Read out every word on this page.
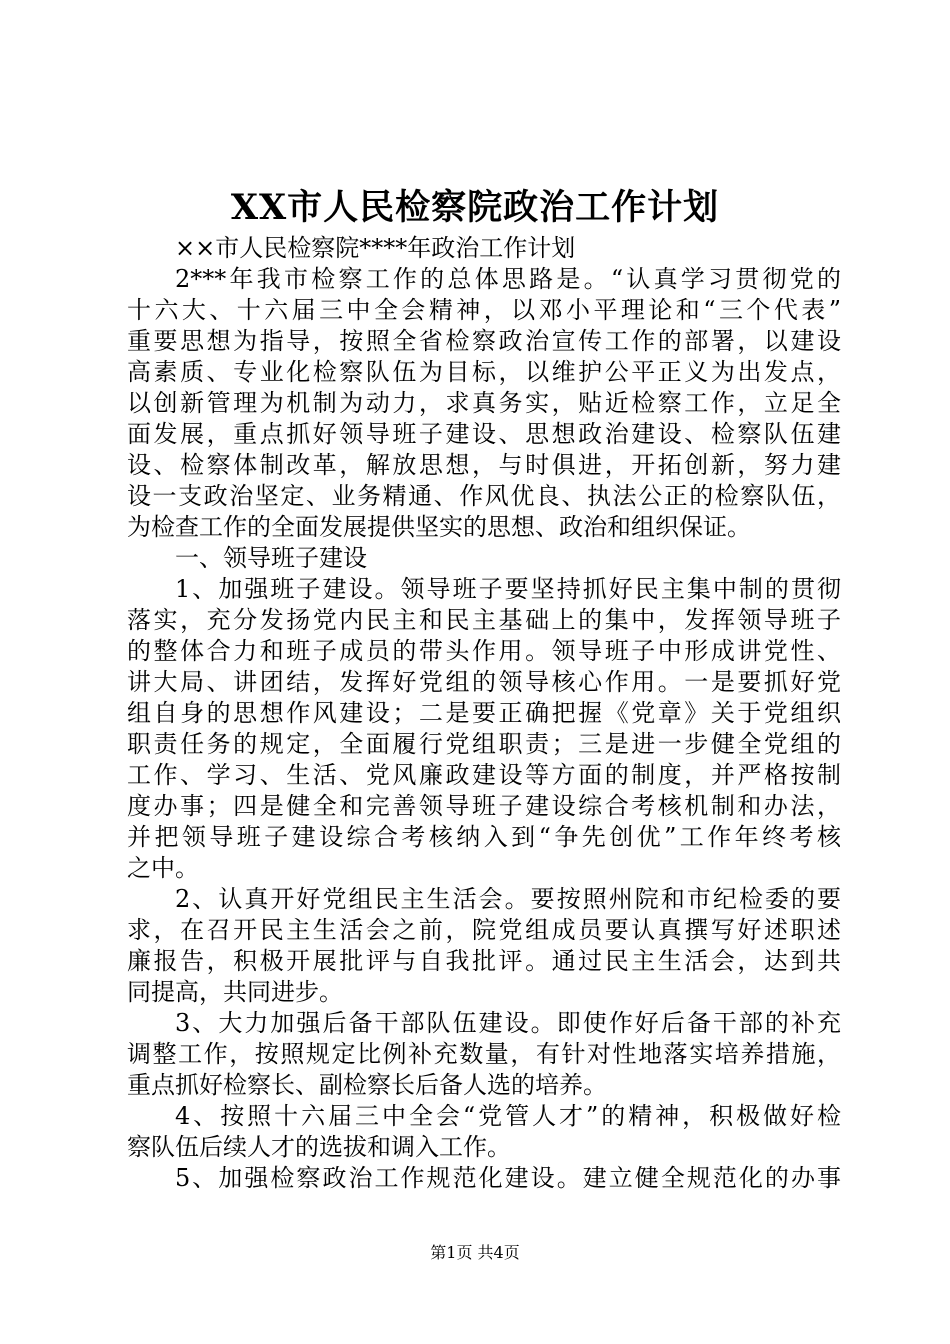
XX市人民检察院政治工作计划
××市人民检察院****年政治工作计划
2***年我市检察工作的总体思路是。“认真学习贯彻党的
十六大、十六届三中全会精神，以邓小平理论和“三个代表”
重要思想为指导，按照全省检察政治宣传工作的部署，以建设
高素质、专业化检察队伍为目标，以维护公平正义为出发点，
以创新管理为机制为动力，求真务实，贴近检察工作，立足全
面发展，重点抓好领导班子建设、思想政治建设、检察队伍建
设、检察体制改革，解放思想，与时俱进，开拓创新，努力建
设一支政治坚定、业务精通、作风优良、执法公正的检察队伍，
为检查工作的全面发展提供坚实的思想、政治和组织保证。
一、领导班子建设
1、加强班子建设。领导班子要坚持抓好民主集中制的贯彻
落实，充分发扬党内民主和民主基础上的集中，发挥领导班子
的整体合力和班子成员的带头作用。领导班子中形成讲党性、
讲大局、讲团结，发挥好党组的领导核心作用。一是要抓好党
组自身的思想作风建设；二是要正确把握《党章》关于党组织
职责任务的规定，全面履行党组职责；三是进一步健全党组的
工作、学习、生活、党风廉政建设等方面的制度，并严格按制
度办事；四是健全和完善领导班子建设综合考核机制和办法，
并把领导班子建设综合考核纳入到“争先创优”工作年终考核
之中。
2、认真开好党组民主生活会。要按照州院和市纪检委的要
求，在召开民主生活会之前，院党组成员要认真撰写好述职述
廉报告，积极开展批评与自我批评。通过民主生活会，达到共
同提高，共同进步。
3、大力加强后备干部队伍建设。即使作好后备干部的补充
调整工作，按照规定比例补充数量，有针对性地落实培养措施，
重点抓好检察长、副检察长后备人选的培养。
4、按照十六届三中全会“党管人才”的精神，积极做好检
察队伍后续人才的选拔和调入工作。
5、加强检察政治工作规范化建设。建立健全规范化的办事
第1页 共4页
